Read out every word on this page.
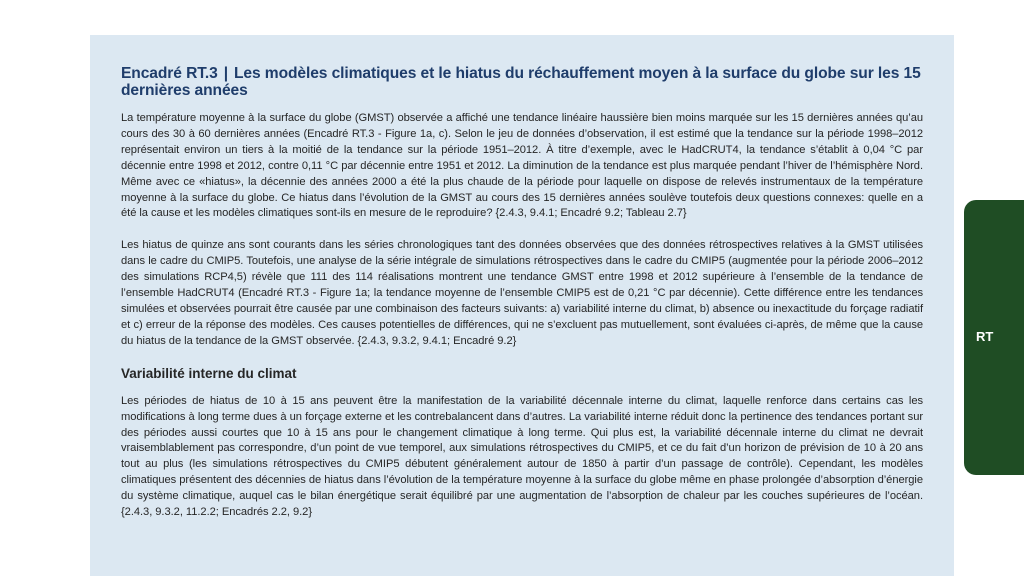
Encadré RT.3 | Les modèles climatiques et le hiatus du réchauffement moyen à la surface du globe sur les 15 dernières années

La température moyenne à la surface du globe (GMST) observée a affiché une tendance linéaire haussière bien moins marquée sur les 15 dernières années qu’au cours des 30 à 60 dernières années (Encadré RT.3 - Figure 1a, c). Selon le jeu de données d’observation, il est estimé que la tendance sur la période 1998–2012 représentait environ un tiers à la moitié de la tendance sur la période 1951–2012. À titre d’exemple, avec le HadCRUT4, la tendance s’établit à 0,04 °C par décennie entre 1998 et 2012, contre 0,11 °C par décennie entre 1951 et 2012. La diminution de la tendance est plus marquée pendant l’hiver de l’hémisphère Nord. Même avec ce «hiatus», la décennie des années 2000 a été la plus chaude de la période pour laquelle on dispose de relevés instrumentaux de la température moyenne à la surface du globe. Ce hiatus dans l’évolution de la GMST au cours des 15 dernières années soulève toutefois deux questions connexes: quelle en a été la cause et les modèles climatiques sont-ils en mesure de le reproduire? {2.4.3, 9.4.1; Encadré 9.2; Tableau 2.7}

Les hiatus de quinze ans sont courants dans les séries chronologiques tant des données observées que des données rétrospectives relatives à la GMST utilisées dans le cadre du CMIP5. Toutefois, une analyse de la série intégrale de simulations rétrospectives dans le cadre du CMIP5 (augmentée pour la période 2006–2012 des simulations RCP4,5) révèle que 111 des 114 réalisations montrent une tendance GMST entre 1998 et 2012 supérieure à l’ensemble de la tendance de l’ensemble HadCRUT4 (Encadré RT.3 - Figure 1a; la tendance moyenne de l’ensemble CMIP5 est de 0,21 °C par décennie). Cette différence entre les tendances simulées et observées pourrait être causée par une combinaison des facteurs suivants: a) variabilité interne du climat, b) absence ou inexactitude du forçage radiatif et c) erreur de la réponse des modèles. Ces causes potentielles de différences, qui ne s’excluent pas mutuellement, sont évaluées ci-après, de même que la cause du hiatus de la tendance de la GMST observée. {2.4.3, 9.3.2, 9.4.1; Encadré 9.2}

Variabilité interne du climat

Les périodes de hiatus de 10 à 15 ans peuvent être la manifestation de la variabilité décennale interne du climat, laquelle renforce dans certains cas les modifications à long terme dues à un forçage externe et les contrebalancent dans d’autres. La variabilité interne réduit donc la pertinence des tendances portant sur des périodes aussi courtes que 10 à 15 ans pour le changement climatique à long terme. Qui plus est, la variabilité décennale interne du climat ne devrait vraisemblablement pas correspondre, d’un point de vue temporel, aux simulations rétrospectives du CMIP5, et ce du fait d’un horizon de prévision de 10 à 20 ans tout au plus (les simulations rétrospectives du CMIP5 débutent généralement autour de 1850 à partir d’un passage de contrôle). Cependant, les modèles climatiques présentent des décennies de hiatus dans l’évolution de la température moyenne à la surface du globe même en phase prolongée d’absorption d’énergie du système climatique, auquel cas le bilan énergétique serait équilibré par une augmentation de l’absorption de chaleur par les couches supérieures de l’océan. {2.4.3, 9.3.2, 11.2.2; Encadrés 2.2, 9.2}

RT
